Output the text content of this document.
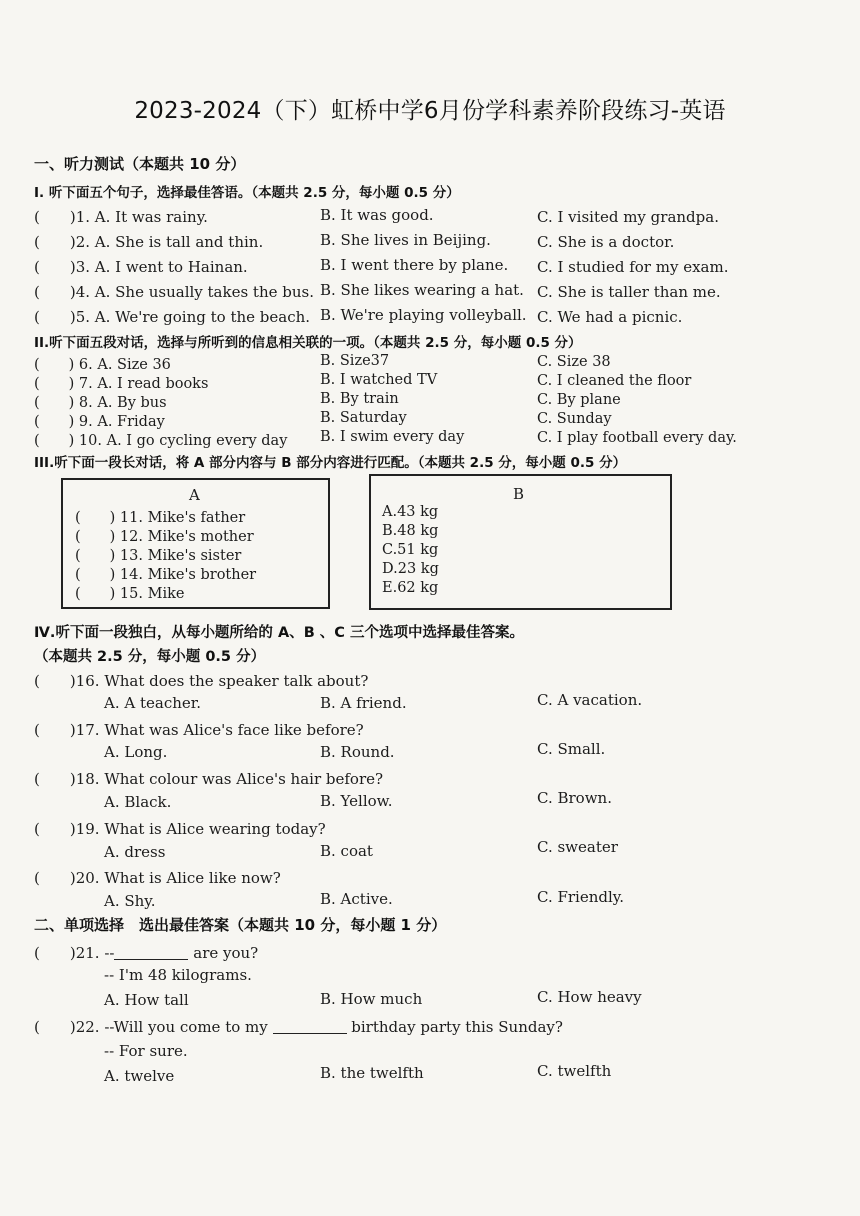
2023-2024（下）虹桥中学6月份学科素养阶段练习-英语
一、听力测试（本题共 10 分）
I. 听下面五个句子，选择最佳答语。（本题共 2.5 分，每小题 0.5 分）
(　　)1. A. It was rainy.	B. It was good.	C. I visited my grandpa.
(　　)2. A. She is tall and thin.	B. She lives in Beijing.	C. She is a doctor.
(　　)3. A. I went to Hainan.	B. I went there by plane. C. I studied for my exam.
(　　)4. A. She usually takes the bus. B. She likes wearing a hat. C. She is taller than me.
(　　)5. A. We're going to the beach. B. We're playing volleyball. C. We had a picnic.
II.听下面五段对话，选择与所听到的信息相关联的一项。（本题共 2.5 分，每小题 0.5 分）
(　　) 6. A. Size 36	B. Size37	C. Size 38
(　　) 7. A. I read books	B. I watched TV	C. I cleaned the floor
(　　) 8. A. By bus	B. By train	C. By plane
(　　) 9. A. Friday	B. Saturday	C. Sunday
(　　) 10. A. I go cycling every day B. I swim every day	C. I play football every day.
III.听下面一段长对话，将 A 部分内容与 B 部分内容进行匹配。（本题共 2.5 分，每小题 0.5 分）
A
(　　) 11. Mike's father
(　　) 12. Mike's mother
(　　) 13. Mike's sister
(　　) 14. Mike's brother
(　　) 15. Mike
B
A.43 kg
B.48 kg
C.51 kg
D.23 kg
E.62 kg
Ⅳ.听下面一段独白，从每小题所给的 A、B 、C 三个选项中选择最佳答案。
（本题共 2.5 分，每小题 0.5 分）
(　　)16. What does the speaker talk about?
A. A teacher.	B. A friend.	C. A vacation.
(　　)17. What was Alice's face like before?
A. Long.	B. Round.	C. Small.
(　　)18. What colour was Alice's hair before?
A. Black.	B. Yellow.	C. Brown.
(　　)19. What is Alice wearing today?
A. dress	B. coat	C. sweater
(　　)20. What is Alice like now?
A. Shy.	B. Active.	C. Friendly.
二、单项选择　选出最佳答案（本题共 10 分，每小题 1 分）
(　　)21. --	are you?
-- I'm 48 kilograms.
A. How tall	B. How much	C. How heavy
(　　)22. --Will you come to my	birthday party this Sunday?
-- For sure.
A. twelve	B. the twelfth	C. twelfth
